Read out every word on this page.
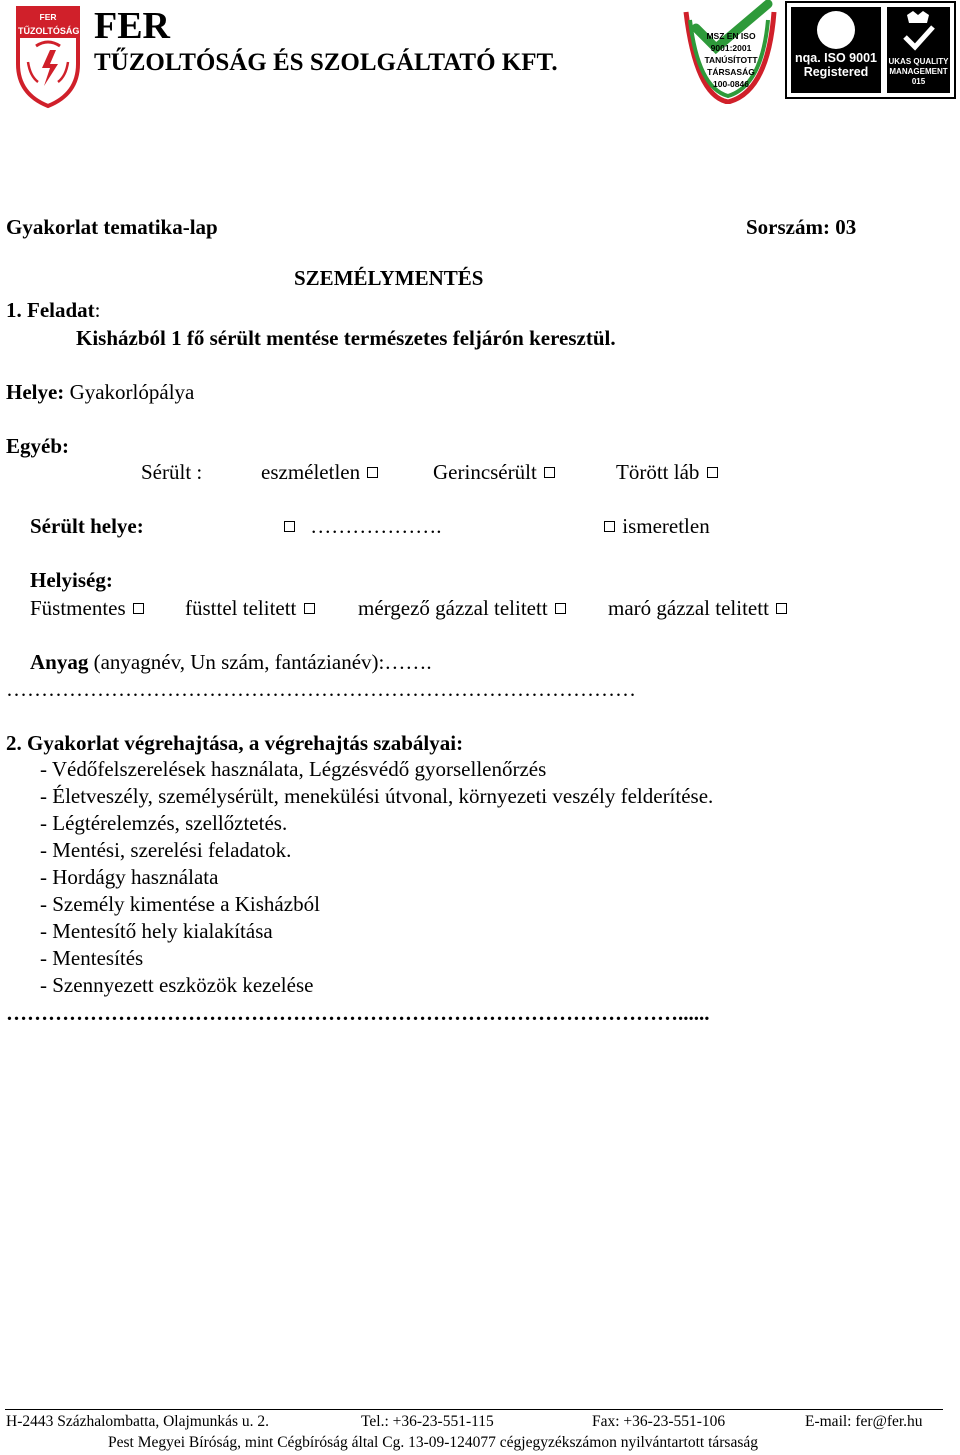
FER
TŰZOLTÓSÁG FER
TŰZOLTÓSÁG ÉS SZOLGÁLTATÓ KFT.
MSZ EN ISO 9001:2001 TANÚSÍTOTT TÁRSASÁG 100-0846
nqa. ISO 9001 Registered
UKAS QUALITY MANAGEMENT 015
Gyakorlat tematika-lap	Sorszám: 03
SZEMÉLYMENTÉS
1. Feladat:
Kisházból 1 fő sérült mentése természetes feljárón keresztül.
Helye: Gyakorlópálya
Egyéb:
Sérült :	eszméletlen	Gerincsérült	Törött láb
Sérült helye:	……………….	ismeretlen
Helyiség:
Füstmentes	füsttel telitett	mérgező gázzal telitett	maró gázzal telitett
Anyag (anyagnév, Un szám, fantázianév):…….
………………………………………………………………………………
2. Gyakorlat végrehajtása, a végrehajtás szabályai:
- Védőfelszerelések használata, Légzésvédő gyorsellenőrzés
- Életveszély, személysérült, menekülési útvonal, környezeti veszély felderítése.
- Légtérelemzés, szellőztetés.
- Mentési, szerelési feladatok.
- Hordágy használata
- Személy kimentése a Kisházból
- Mentesítő hely kialakítása
- Mentesítés
- Szennyezett eszközök kezelése
……………………………………………………………………………………......
H-2443 Százhalombatta, Olajmunkás u. 2.	Tel.: +36-23-551-115	Fax: +36-23-551-106	E-mail: fer@fer.hu
Pest Megyei Bíróság, mint Cégbíróság által Cg. 13-09-124077 cégjegyzékszámon nyilvántartott társaság
